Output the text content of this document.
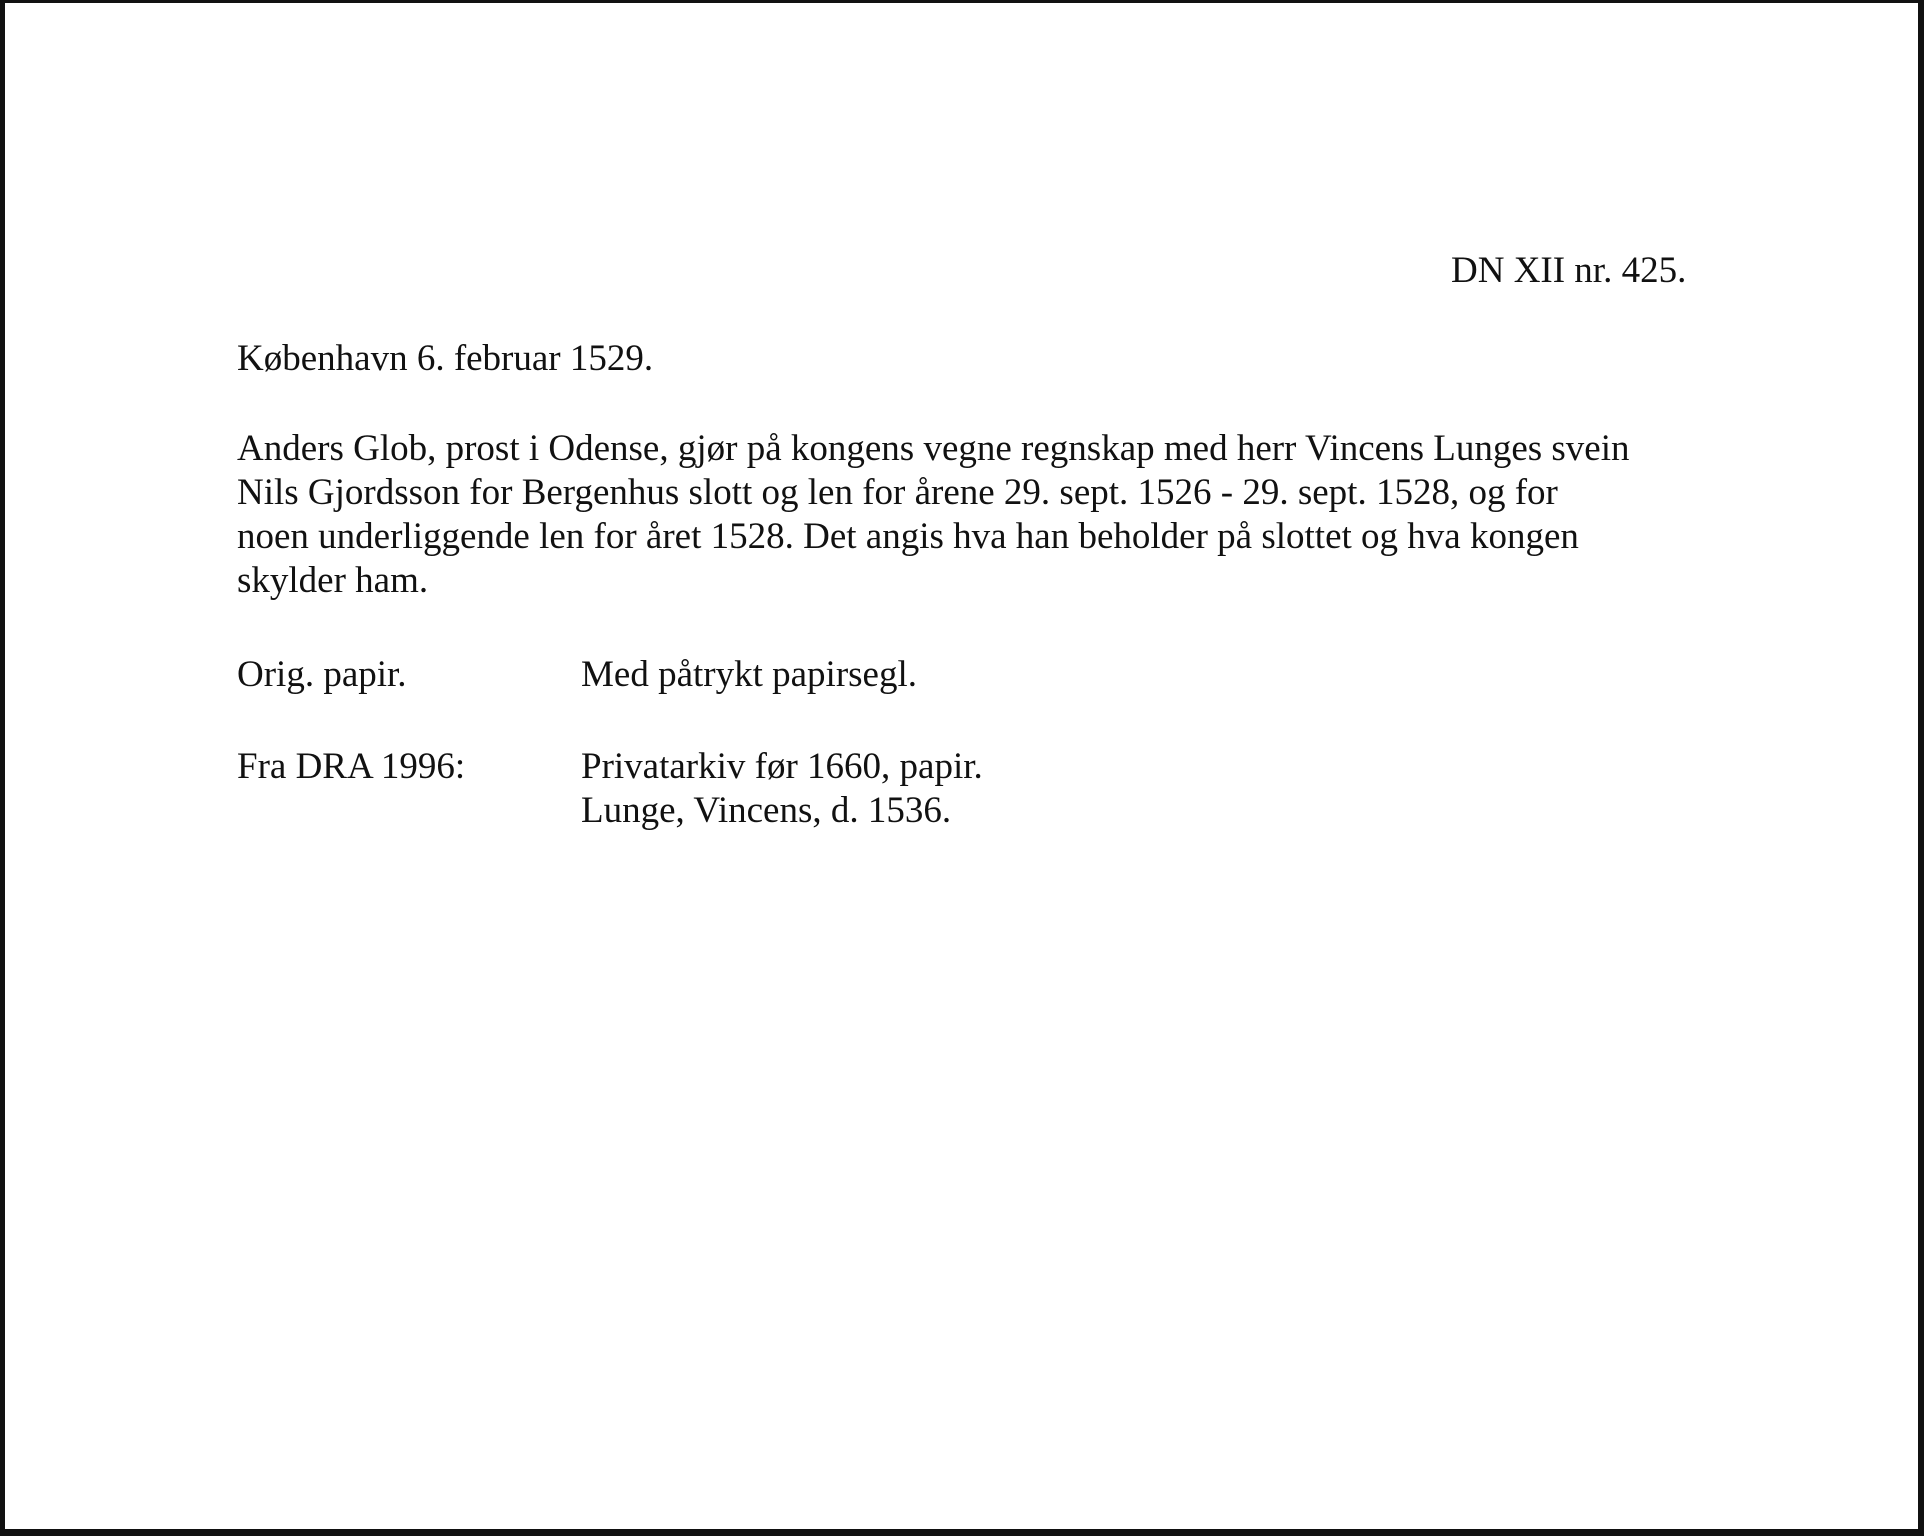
DN XII nr. 425.
København 6. februar 1529.
Anders Glob, prost i Odense, gjør på kongens vegne regnskap med herr Vincens Lunges svein
Nils Gjordsson for Bergenhus slott og len for årene 29. sept. 1526 - 29. sept. 1528, og for
noen underliggende len for året 1528. Det angis hva han beholder på slottet og hva kongen
skylder ham.
Orig. papir.	Med påtrykt papirsegl.
Fra DRA 1996:	Privatarkiv før 1660, papir.
Lunge, Vincens, d. 1536.
